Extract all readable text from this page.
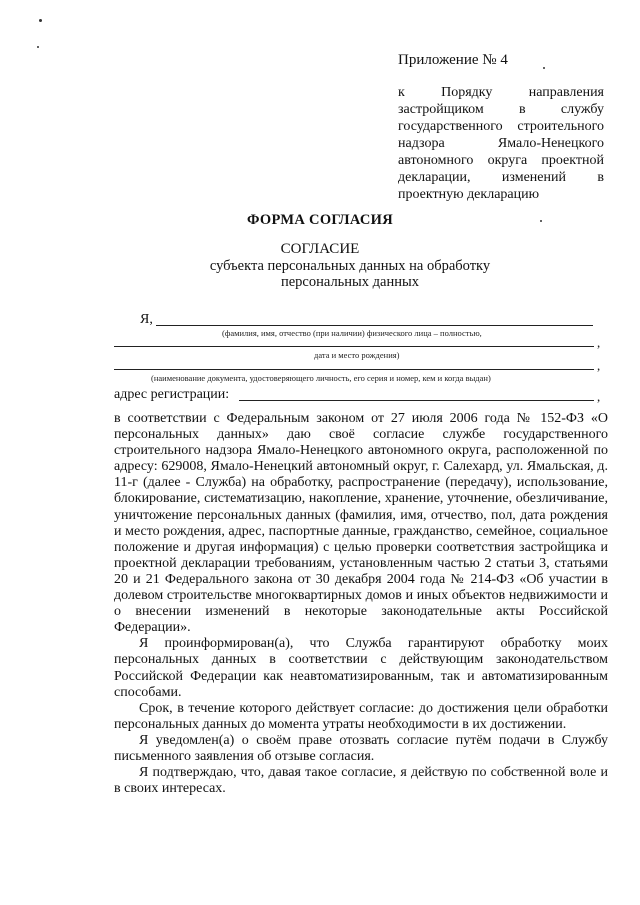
Приложение № 4
к Порядку направления застройщиком в службу государственного строительного надзора Ямало-Ненецкого автономного округа проектной декларации, изменений в проектную декларацию
ФОРМА СОГЛАСИЯ
СОГЛАСИЕ
субъекта персональных данных на обработку персональных данных
Я,
(фамилия, имя, отчество (при наличии) физического лица – полностью,
,
дата и место рождения)
,
(наименование документа, удостоверяющего личность, его серия и номер, кем и когда выдан)
адрес регистрации:	,

в соответствии с Федеральным законом от 27 июля 2006 года № 152-ФЗ «О персональных данных» даю своё согласие службе государственного строительного надзора Ямало-Ненецкого автономного округа, расположенной по адресу: 629008, Ямало-Ненецкий автономный округ, г. Салехард, ул. Ямальская, д. 11-г (далее - Служба) на обработку, распространение (передачу), использование, блокирование, систематизацию, накопление, хранение, уточнение, обезличивание, уничтожение персональных данных (фамилия, имя, отчество, пол, дата рождения и место рождения, адрес, паспортные данные, гражданство, семейное, социальное положение и другая информация) с целью проверки соответствия застройщика и проектной декларации требованиям, установленным частью 2 статьи 3, статьями 20 и 21 Федерального закона от 30 декабря 2004 года № 214-ФЗ «Об участии в долевом строительстве многоквартирных домов и иных объектов недвижимости и о внесении изменений в некоторые законодательные акты Российской Федерации».

Я проинформирован(а), что Служба гарантируют обработку моих персональных данных в соответствии с действующим законодательством Российской Федерации как неавтоматизированным, так и автоматизированным способами.

Срок, в течение которого действует согласие: до достижения цели обработки персональных данных до момента утраты необходимости в их достижении.

Я уведомлен(а) о своём праве отозвать согласие путём подачи в Службу письменного заявления об отзыве согласия.

Я подтверждаю, что, давая такое согласие, я действую по собственной воле и в своих интересах.
